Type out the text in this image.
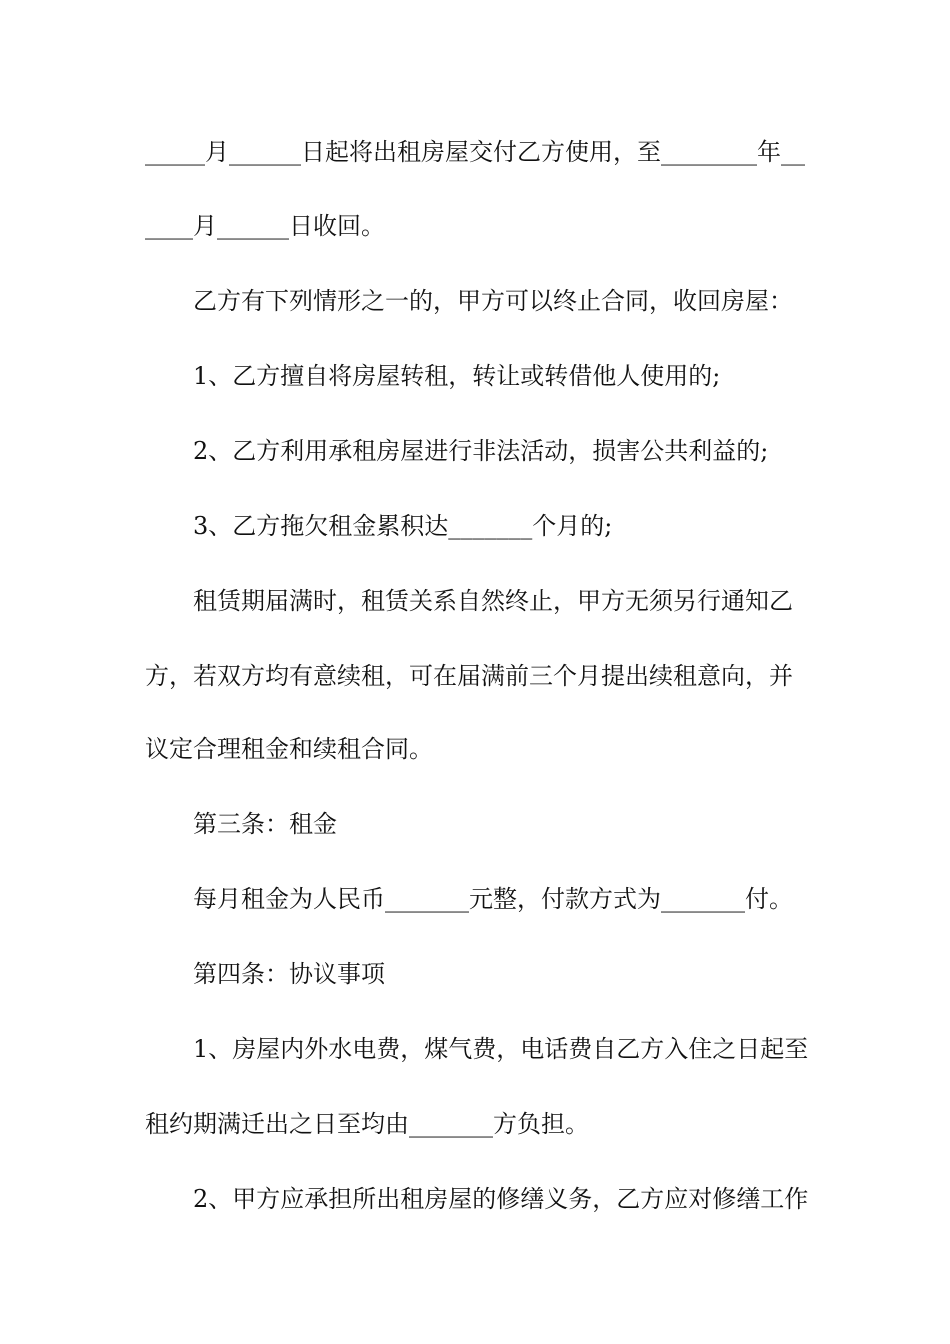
_____月______日起将出租房屋交付乙方使用，至________年__
____月______日收回。
乙方有下列情形之一的，甲方可以终止合同，收回房屋：
1、乙方擅自将房屋转租，转让或转借他人使用的;
2、乙方利用承租房屋进行非法活动，损害公共利益的;
3、乙方拖欠租金累积达_______个月的;
租赁期届满时，租赁关系自然终止，甲方无须另行通知乙
方，若双方均有意续租，可在届满前三个月提出续租意向，并
议定合理租金和续租合同。
第三条：租金
每月租金为人民币_______元整，付款方式为_______付。
第四条：协议事项
1、房屋内外水电费，煤气费，电话费自乙方入住之日起至
租约期满迁出之日至均由_______方负担。
2、甲方应承担所出租房屋的修缮义务，乙方应对修缮工作
